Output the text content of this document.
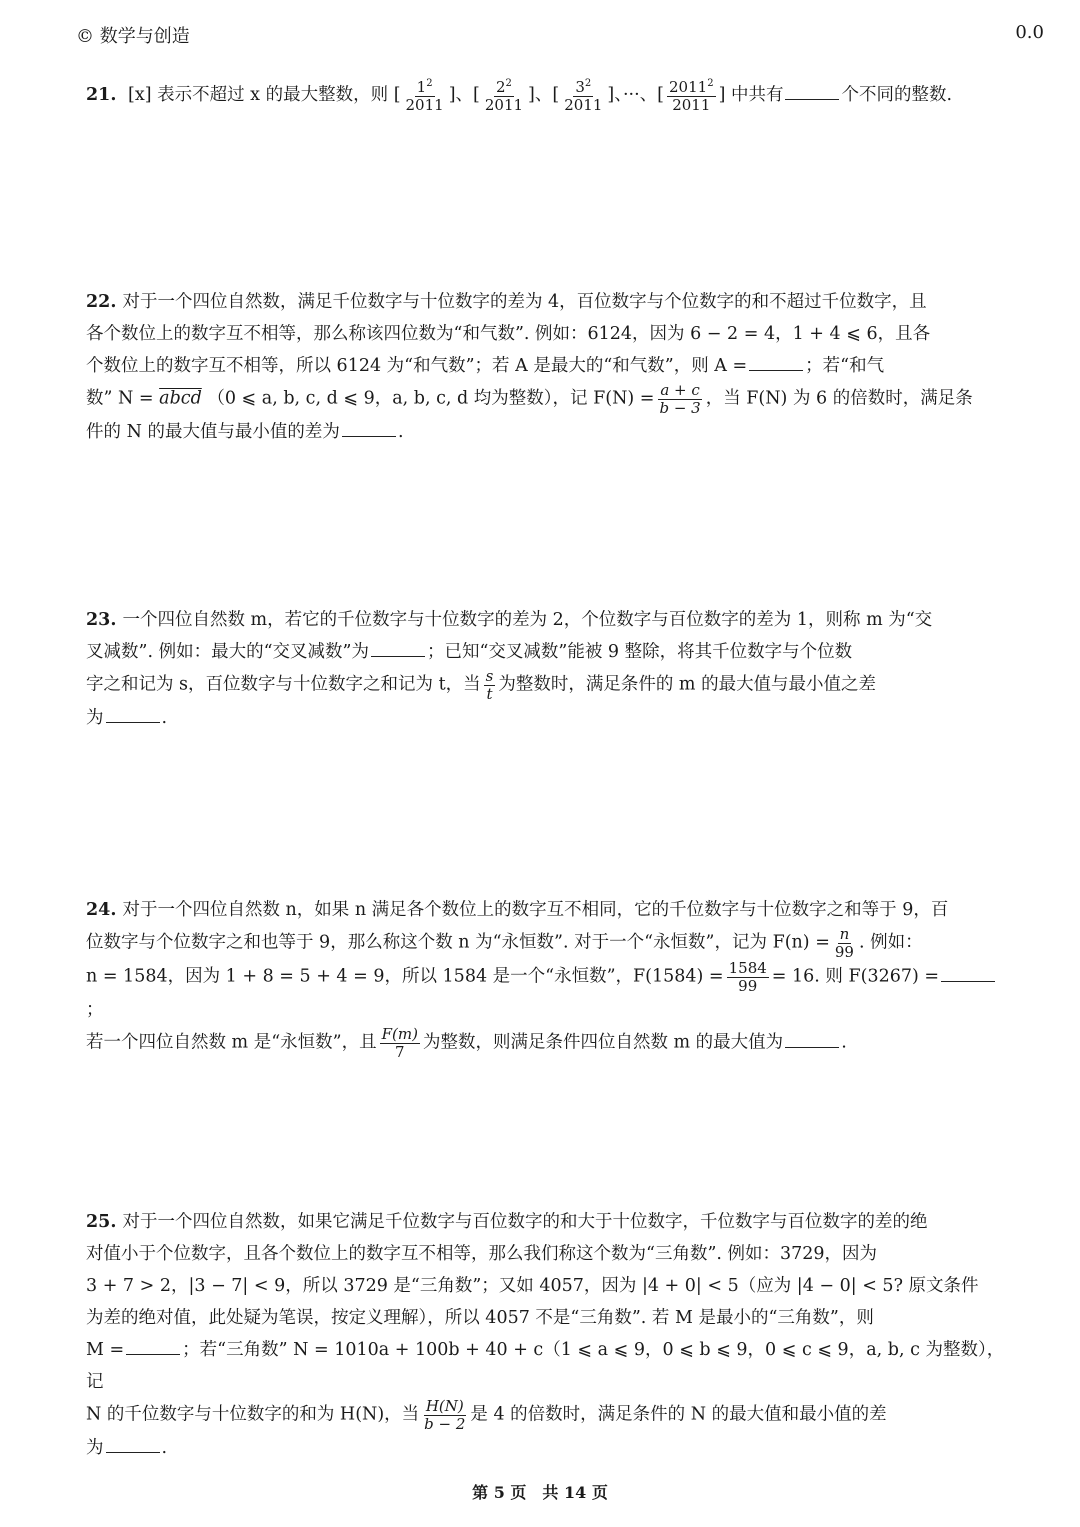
© 数学与创造	0.0
21. [x] 表示不超过 x 的最大整数，则 [ $\frac{1^2}{2011}$ ]、[ $\frac{2^2}{2011}$ ]、[ $\frac{3^2}{2011}$ ]、···、[ $\frac{2011^2}{2011}$ ] 中共有	个不同的整数.
22. 对于一个四位自然数，满足千位数字与十位数字的差为 4，百位数字与个位数字的和不超过千位数字，且
各个数位上的数字互不相等，那么称该四位数为“和气数”. 例如：6124，因为 6 − 2 = 4，1 + 4 ⩽ 6，且各
个数位上的数字互不相等，所以 6124 为“和气数”；若 A 是最大的“和气数”，则 A =	；若“和气
数” N = abcd （0 ⩽ a, b, c, d ⩽ 9，a, b, c, d 均为整数），记 $F(N) = \frac{a + c}{b - 3}$ ，当 F(N) 为 6 的倍数时，满足条
件的 N 的最大值与最小值的差为	.
23. 一个四位自然数 m，若它的千位数字与十位数字的差为 2，个位数字与百位数字的差为 1，则称 m 为“交
叉减数”. 例如：最大的“交叉减数”为	；已知“交叉减数”能被 9 整除，将其千位数字与个位数
字之和记为 s，百位数字与十位数字之和记为 t，当 $\frac{s}{t}$ 为整数时，满足条件的 m 的最大值与最小值之差
为	.
24. 对于一个四位自然数 n，如果 n 满足各个数位上的数字互不相同，它的千位数字与十位数字之和等于 9，百
位数字与个位数字之和也等于 9，那么称这个数 n 为“永恒数”. 对于一个“永恒数”，记为 $F(n) = \frac{n}{99}$ . 例如：
n = 1584，因为 1 + 8 = 5 + 4 = 9，所以 1584 是一个“永恒数”，$F(1584) = \frac{1584}{99} = 16$. 则 F(3267) =；
若一个四位自然数 m 是“永恒数”，且 $\frac{F(m)}{7}$ 为整数，则满足条件四位自然数 m 的最大值为	.
25. 对于一个四位自然数，如果它满足千位数字与百位数字的和大于十位数字，千位数字与百位数字的差的绝
对值小于个位数字，且各个数位上的数字互不相等，那么我们称这个数为“三角数”. 例如：3729，因为
3 + 7 > 2，|3 − 7| < 9，所以 3729 是“三角数”；又如 4057，因为 |4 + 0| < 5（应为 |4 − 0| < 5? 原文条件
为差的绝对值，此处疑为笔误，按定义理解），所以 4057 不是“三角数”. 若 M 是最小的“三角数”，则
M =	；若“三角数” N = 1010a + 100b + 40 + c（1 ⩽ a ⩽ 9，0 ⩽ b ⩽ 9，0 ⩽ c ⩽ 9，a, b, c 为整数），记
N 的千位数字与十位数字的和为 H(N)，当 $\frac{H(N)}{b - 2}$ 是 4 的倍数时，满足条件的 N 的最大值和最小值的差
为	.
第 5 页　共 14 页
